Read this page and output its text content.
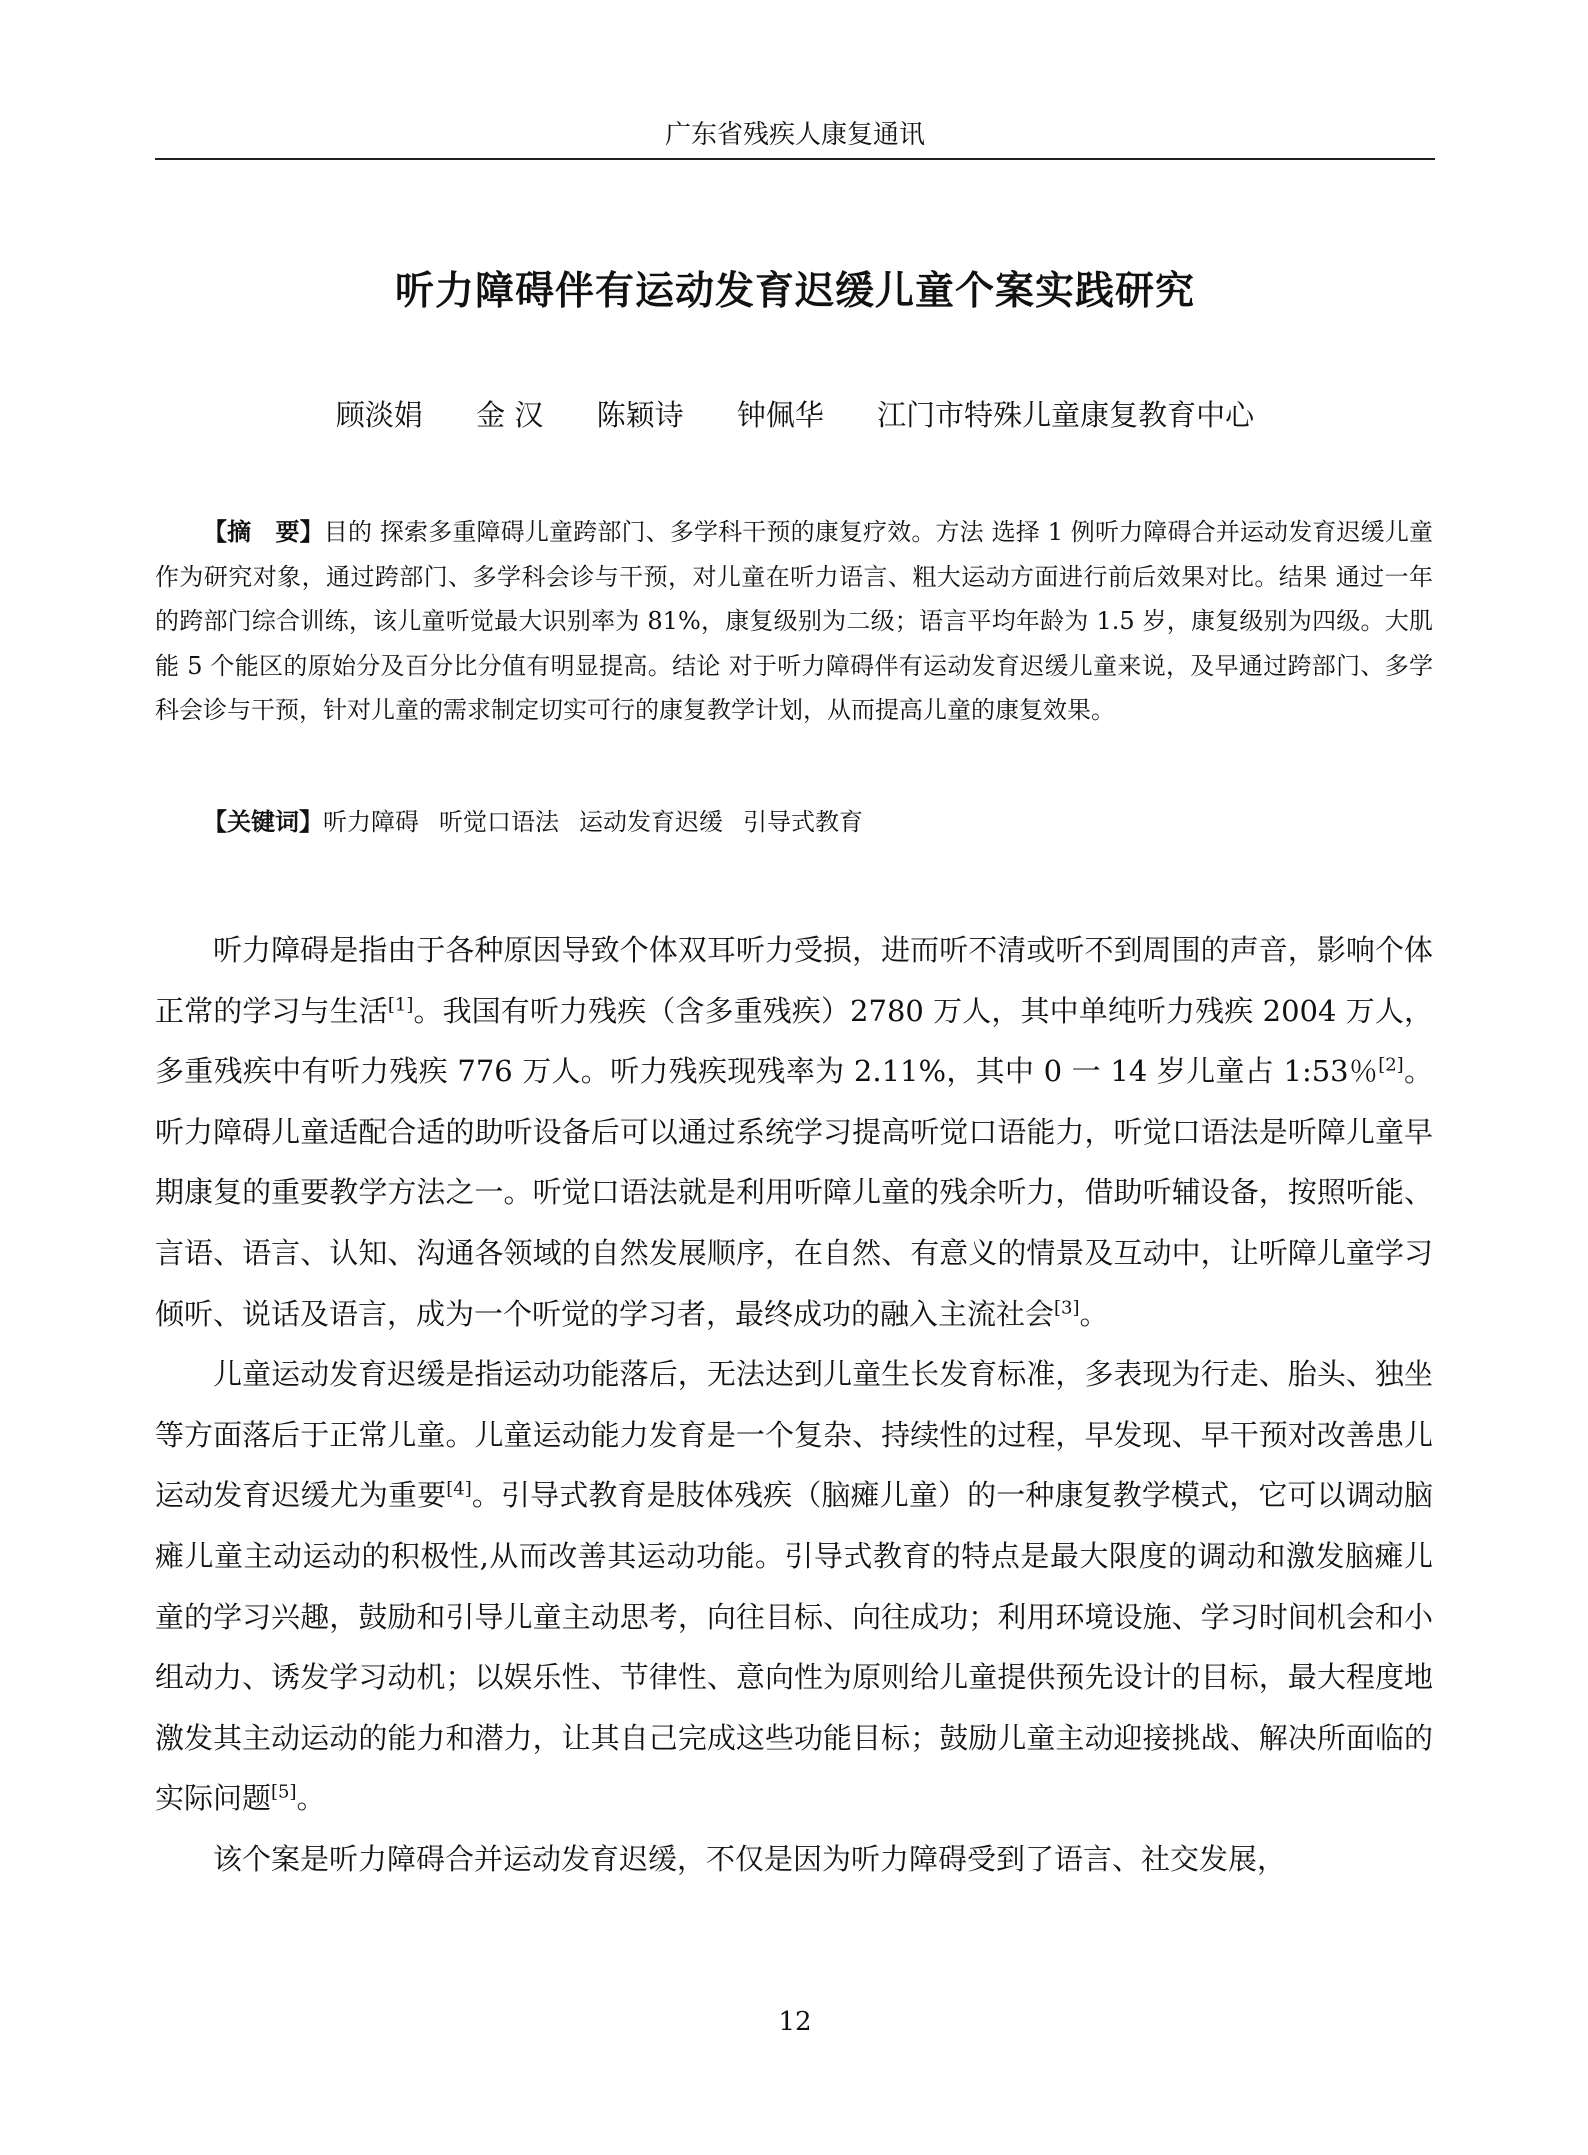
广东省残疾人康复通讯
听力障碍伴有运动发育迟缓儿童个案实践研究
顾淡娟 金 汉 陈颖诗 钟佩华 江门市特殊儿童康复教育中心
【摘　要】目的 探索多重障碍儿童跨部门、多学科干预的康复疗效。方法 选择 1 例听力障碍合并运动发育迟缓儿童作为研究对象，通过跨部门、多学科会诊与干预，对儿童在听力语言、粗大运动方面进行前后效果对比。结果 通过一年的跨部门综合训练，该儿童听觉最大识别率为 81%，康复级别为二级；语言平均年龄为 1.5 岁，康复级别为四级。大肌能 5 个能区的原始分及百分比分值有明显提高。结论 对于听力障碍伴有运动发育迟缓儿童来说，及早通过跨部门、多学科会诊与干预，针对儿童的需求制定切实可行的康复教学计划，从而提高儿童的康复效果。
【关键词】听力障碍 听觉口语法 运动发育迟缓 引导式教育

听力障碍是指由于各种原因导致个体双耳听力受损，进而听不清或听不到周围的声音，影响个体正常的学习与生活[1]。我国有听力残疾（含多重残疾）2780 万人，其中单纯听力残疾 2004 万人，多重残疾中有听力残疾 776 万人。听力残疾现残率为 2.11%，其中 0 一 14 岁儿童占 1:53％[2]。听力障碍儿童适配合适的助听设备后可以通过系统学习提高听觉口语能力，听觉口语法是听障儿童早期康复的重要教学方法之一。听觉口语法就是利用听障儿童的残余听力，借助听辅设备，按照听能、言语、语言、认知、沟通各领域的自然发展顺序，在自然、有意义的情景及互动中，让听障儿童学习倾听、说话及语言，成为一个听觉的学习者，最终成功的融入主流社会[3]。

儿童运动发育迟缓是指运动功能落后，无法达到儿童生长发育标准，多表现为行走、胎头、独坐等方面落后于正常儿童。儿童运动能力发育是一个复杂、持续性的过程，早发现、早干预对改善患儿运动发育迟缓尤为重要[4]。引导式教育是肢体残疾（脑瘫儿童）的一种康复教学模式，它可以调动脑瘫儿童主动运动的积极性,从而改善其运动功能。引导式教育的特点是最大限度的调动和激发脑瘫儿童的学习兴趣，鼓励和引导儿童主动思考，向往目标、向往成功；利用环境设施、学习时间机会和小组动力、诱发学习动机；以娱乐性、节律性、意向性为原则给儿童提供预先设计的目标，最大程度地激发其主动运动的能力和潜力，让其自己完成这些功能目标；鼓励儿童主动迎接挑战、解决所面临的实际问题[5]。

该个案是听力障碍合并运动发育迟缓，不仅是因为听力障碍受到了语言、社交发展，

12
